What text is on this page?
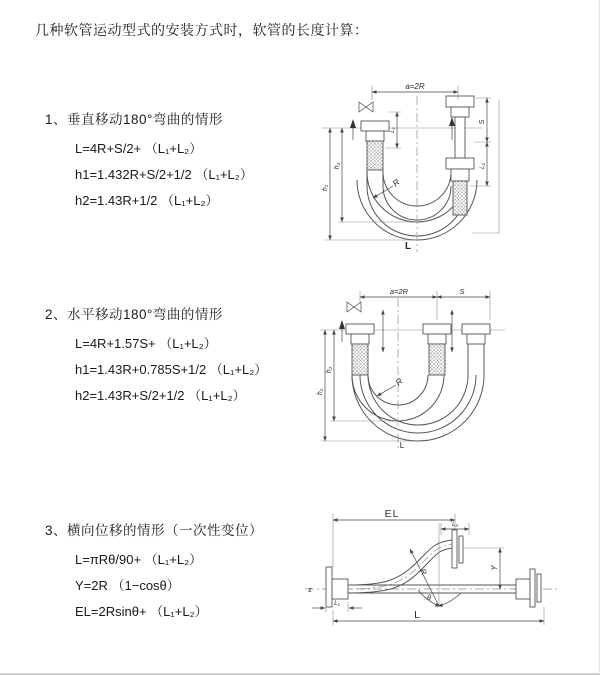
几种软管运动型式的安装方式时，软管的长度计算：
1、垂直移动180°弯曲的情形
L=4R+S/2+ （L₁+L₂）
h1=1.432R+S/2+1/2 （L₁+L₂）
h2=1.43R+1/2 （L₁+L₂）
2、水平移动180°弯曲的情形
L=4R+1.57S+ （L₁+L₂）
h1=1.43R+0.785S+1/2 （L₁+L₂）
h2=1.43R+S/2+1/2 （L₁+L₂）
3、横向位移的情形（一次性变位）
L=πRθ/90+ （L₁+L₂）
Y=2R （1−cosθ）
EL=2Rsinθ+ （L₁+L₂）
a=2R
h₁
h₂
L₁
S
L₂
R
L
a=2R	S
h₁
h₂
R
L
z
EL
L₂
Y
R
θ
L₁
L
